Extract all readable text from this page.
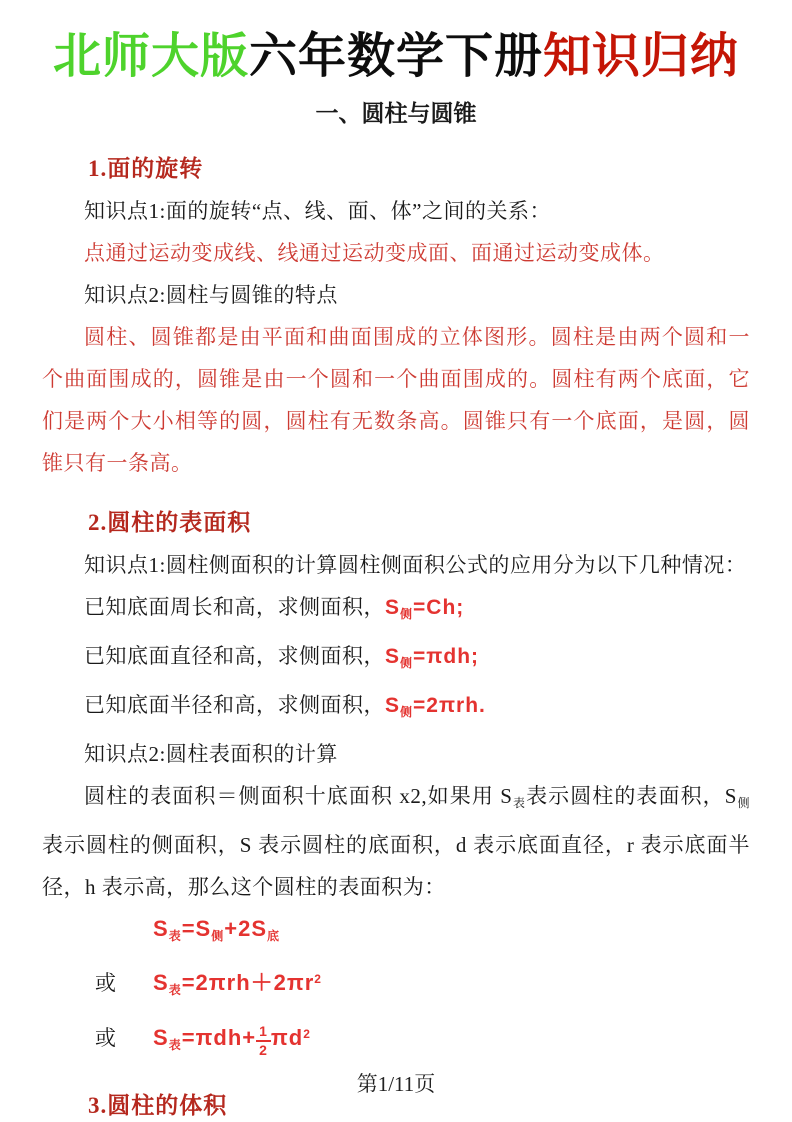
北师大版六年数学下册知识归纳
一、圆柱与圆锥
1.面的旋转

知识点1:面的旋转“点、线、面、体”之间的关系：

点通过运动变成线、线通过运动变成面、面通过运动变成体。

知识点2:圆柱与圆锥的特点

圆柱、圆锥都是由平面和曲面围成的立体图形。圆柱是由两个圆和一个曲面围成的，圆锥是由一个圆和一个曲面围成的。圆柱有两个底面，它们是两个大小相等的圆，圆柱有无数条高。圆锥只有一个底面，是圆，圆锥只有一条高。

2.圆柱的表面积

知识点1:圆柱侧面积的计算圆柱侧面积公式的应用分为以下几种情况：

已知底面周长和高，求侧面积，$S_侧=Ch$;

已知底面直径和高，求侧面积，$S_侧=\pi dh$;

已知底面半径和高，求侧面积，$S_侧=2\pi rh$.

知识点2:圆柱表面积的计算

圆柱的表面积＝侧面积十底面积 x2,如果用 $S_表$表示圆柱的表面积，$S_侧$表示圆柱的侧面积，S 表示圆柱的底面积，d 表示底面直径，r 表示底面半径，h 表示高，那么这个圆柱的表面积为：

$S_表=S_侧+2S_底$

或 $S_表=2\pi rh+2\pi r^2$

或 $S_表=\pi dh+ \frac{1}{2} \pi d^2$

3.圆柱的体积
第1/11页
